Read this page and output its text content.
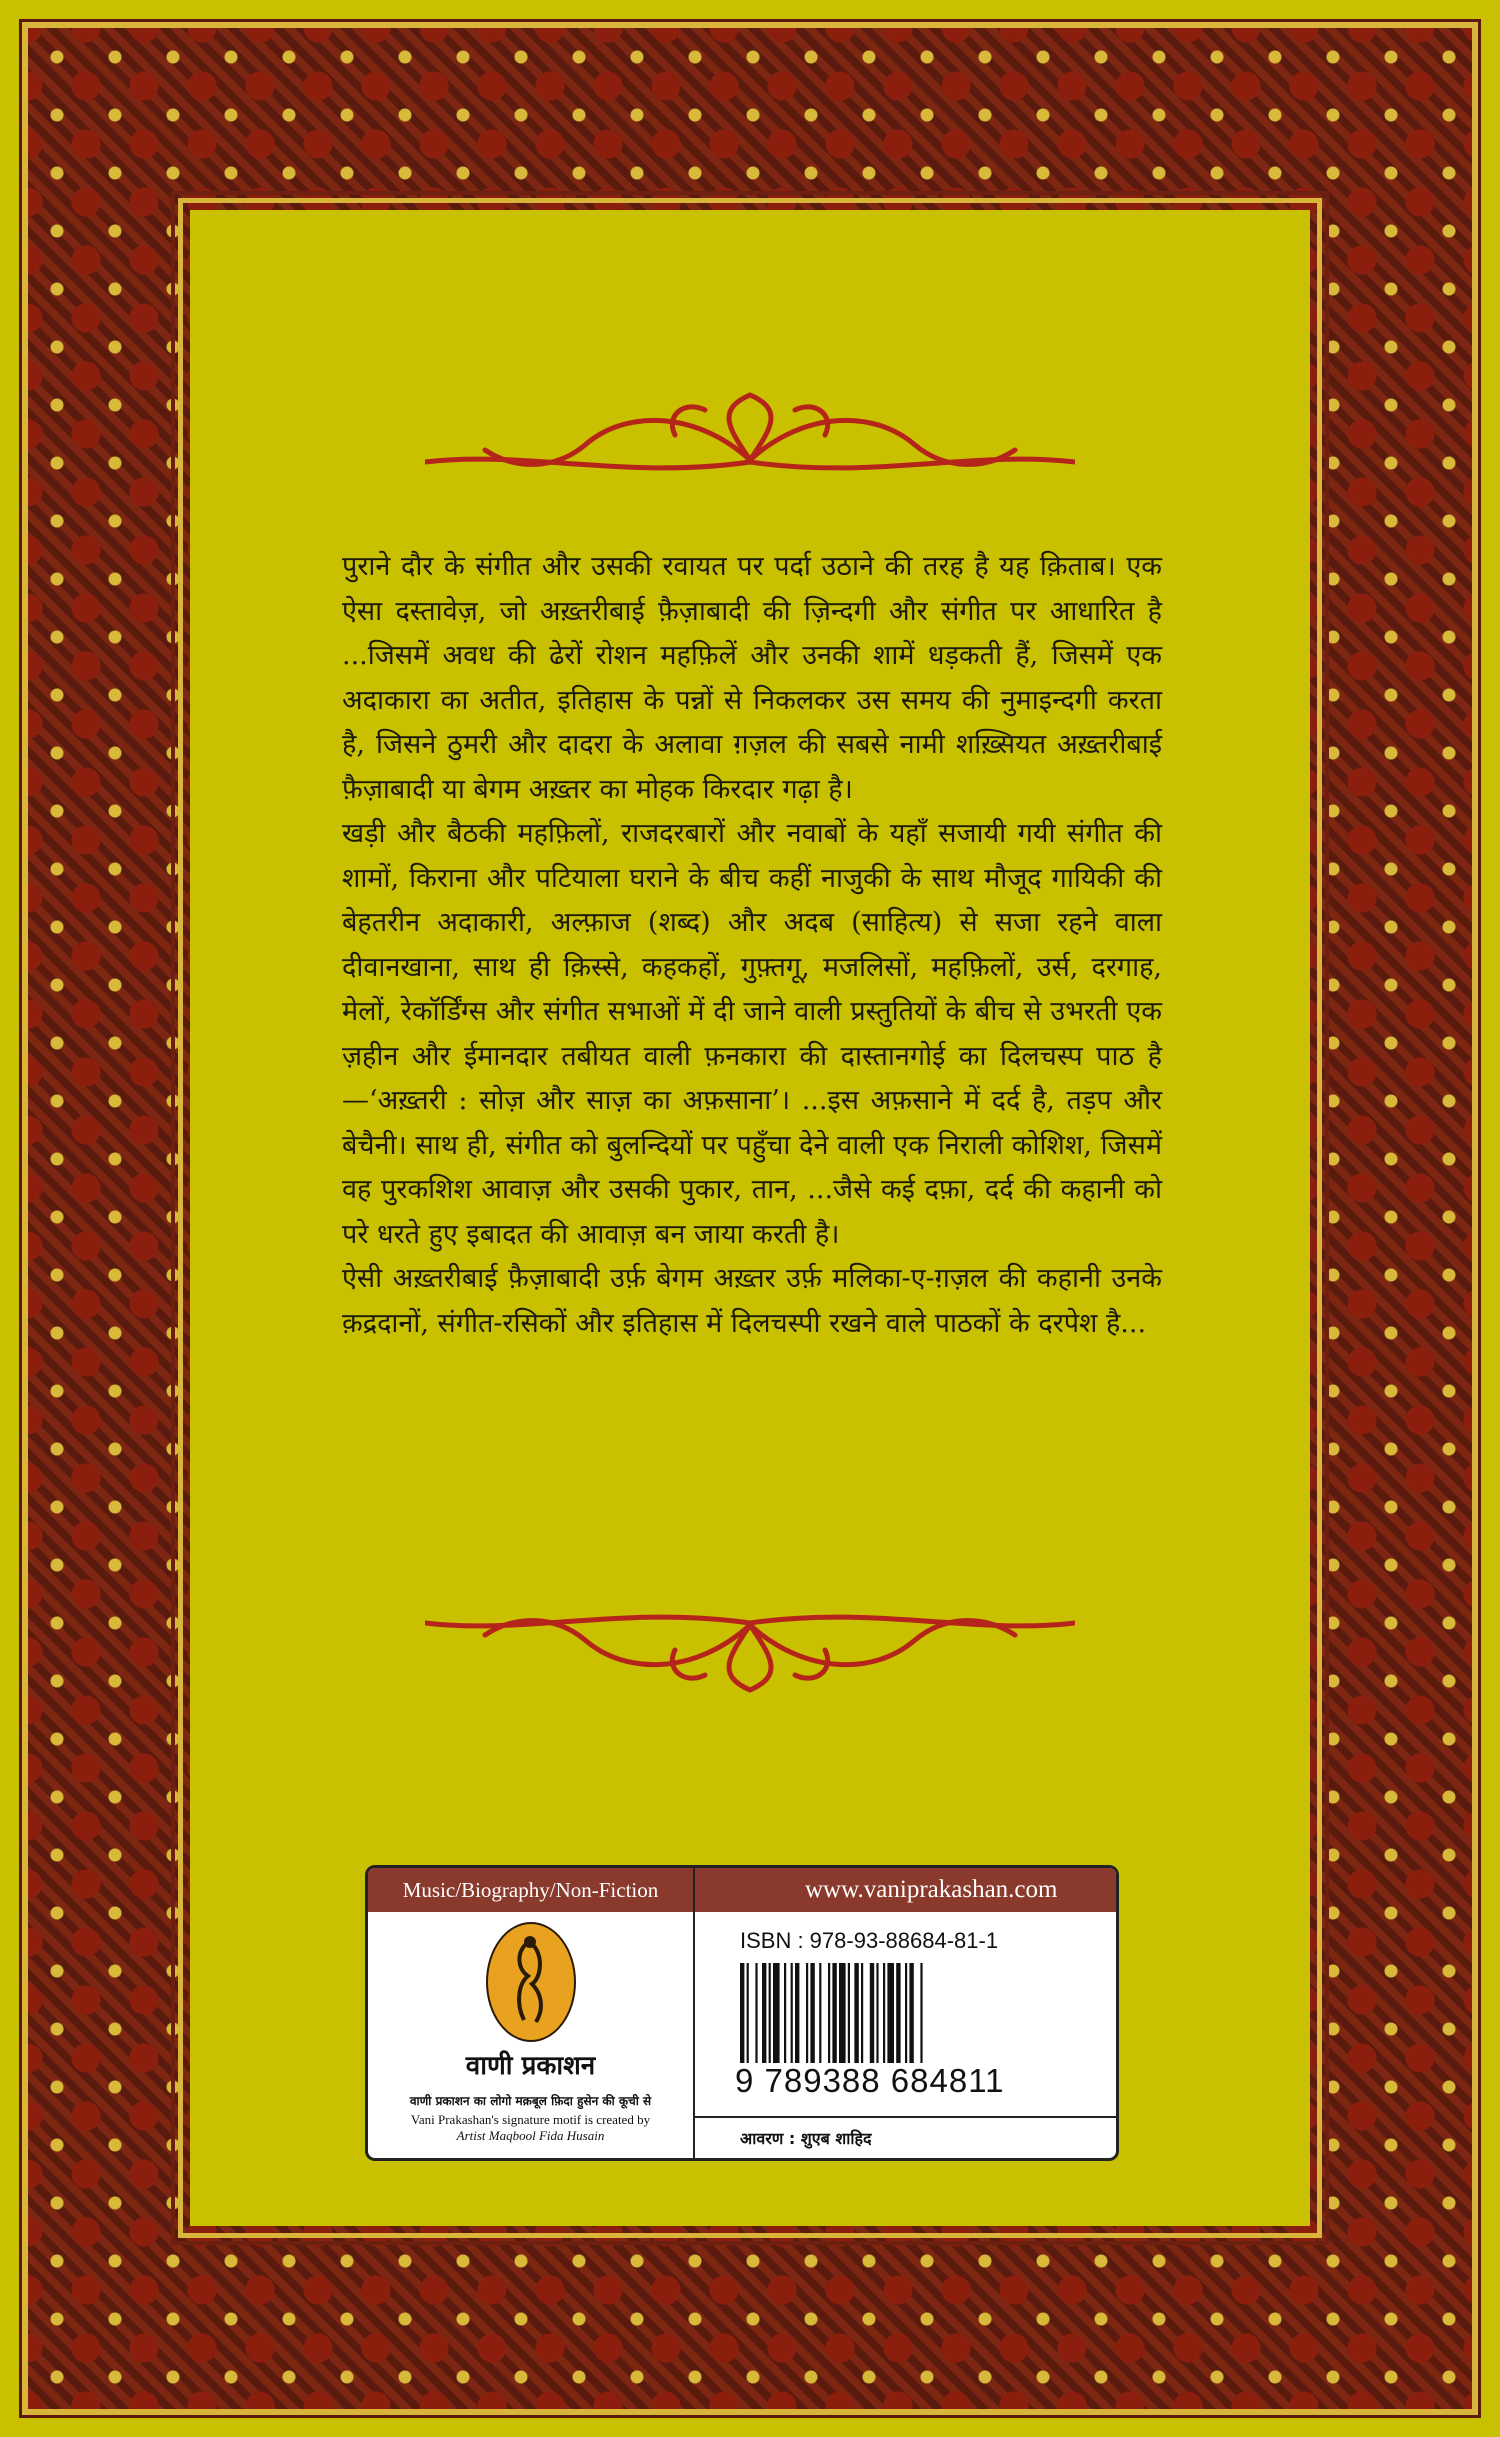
पुराने दौर के संगीत और उसकी रवायत पर पर्दा उठाने की तरह है यह क़िताब। एक ऐसा दस्तावेज़, जो अख़्तरीबाई फ़ैज़ाबादी की ज़िन्दगी और संगीत पर आधारित है ...जिसमें अवध की ढेरों रोशन महफ़िलें और उनकी शामें धड़कती हैं, जिसमें एक अदाकारा का अतीत, इतिहास के पन्नों से निकलकर उस समय की नुमाइन्दगी करता है, जिसने ठुमरी और दादरा के अलावा ग़ज़ल की सबसे नामी शख़्सियत अख़्तरीबाई फ़ैज़ाबादी या बेगम अख़्तर का मोहक किरदार गढ़ा है।

खड़ी और बैठकी महफ़िलों, राजदरबारों और नवाबों के यहाँ सजायी गयी संगीत की शामों, किराना और पटियाला घराने के बीच कहीं नाजुकी के साथ मौजूद गायिकी की बेहतरीन अदाकारी, अल्फ़ाज (शब्द) और अदब (साहित्य) से सजा रहने वाला दीवानखाना, साथ ही क़िस्से, कहकहों, गुफ़्तगू, मजलिसों, महफ़िलों, उर्स, दरगाह, मेलों, रेकॉर्डिंग्स और संगीत सभाओं में दी जाने वाली प्रस्तुतियों के बीच से उभरती एक ज़हीन और ईमानदार तबीयत वाली फ़नकारा की दास्तानगोई का दिलचस्प पाठ है—‘अख़्तरी : सोज़ और साज़ का अफ़साना’। ...इस अफ़साने में दर्द है, तड़प और बेचैनी। साथ ही, संगीत को बुलन्दियों पर पहुँचा देने वाली एक निराली कोशिश, जिसमें वह पुरकशिश आवाज़ और उसकी पुकार, तान, ...जैसे कई दफ़ा, दर्द की कहानी को परे धरते हुए इबादत की आवाज़ बन जाया करती है।

ऐसी अख़्तरीबाई फ़ैज़ाबादी उर्फ़ बेगम अख़्तर उर्फ़ मलिका-ए-ग़ज़ल की कहानी उनके क़द्रदानों, संगीत-रसिकों और इतिहास में दिलचस्पी रखने वाले पाठकों के दरपेश है...

Music/Biography/Non-Fiction
वाणी प्रकाशन
वाणी प्रकाशन का लोगो मक़बूल फ़िदा हुसेन की कूची से
Vani Prakashan's signature motif is created by
Artist Maqbool Fida Husain
www.vaniprakashan.com
ISBN : 978-93-88684-81-1
9 789388 684811
आवरण : शुएब शाहिद
